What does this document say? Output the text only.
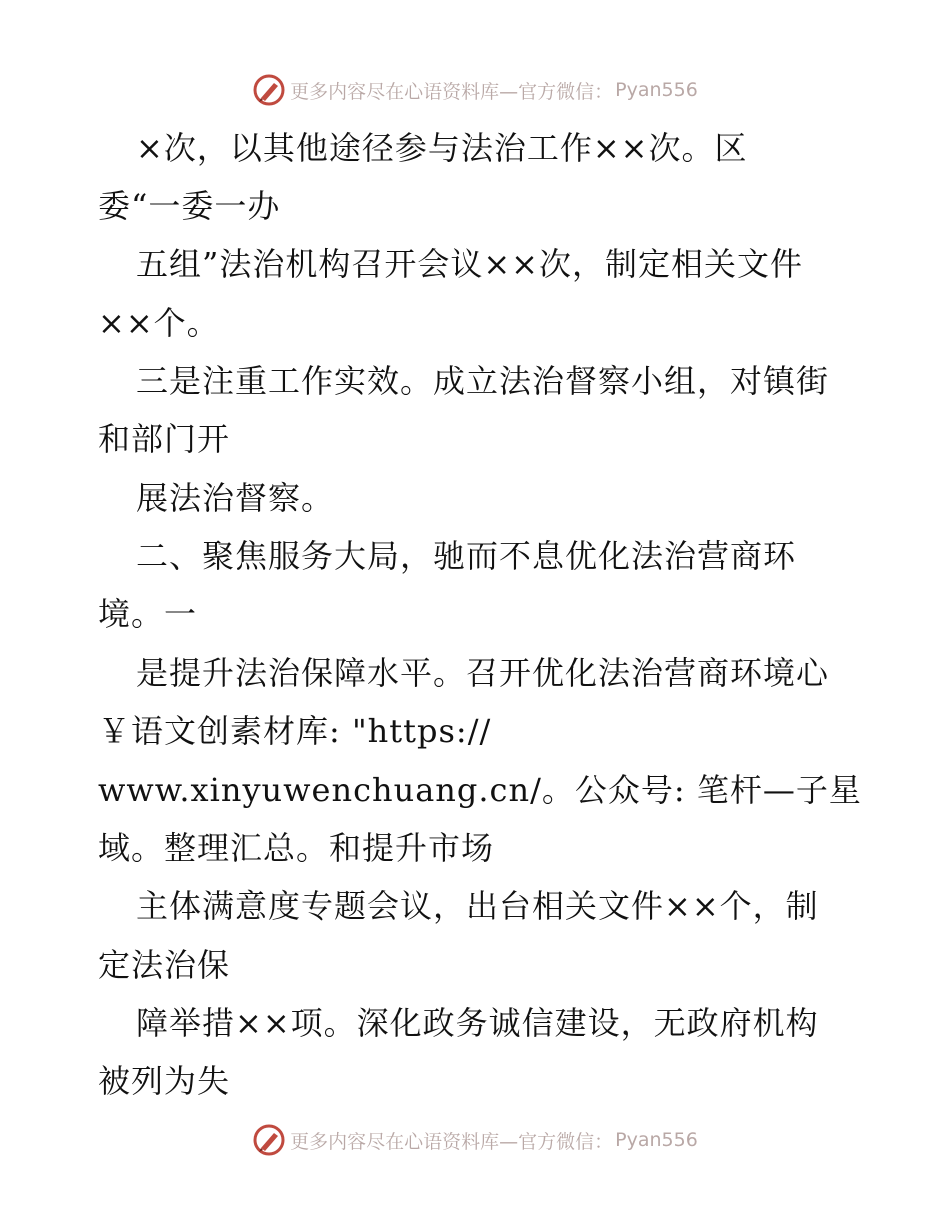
更多内容尽在心语资料库—官方微信： Pyan556
×次，以其他途径参与法治工作××次。区
委“一委一办
五组”法治机构召开会议××次，制定相关文件
××个。
三是注重工作实效。成立法治督察小组，对镇街
和部门开
展法治督察。
二、聚焦服务大局，驰而不息优化法治营商环
境。一
是提升法治保障水平。召开优化法治营商环境心
￥语文创素材库: "https://
www.xinyuwenchuang.cn/。公众号: 笔杆—子星
域。整理汇总。和提升市场
主体满意度专题会议，出台相关文件××个，制
定法治保
障举措××项。深化政务诚信建设，无政府机构
被列为失
更多内容尽在心语资料库—官方微信： Pyan556
